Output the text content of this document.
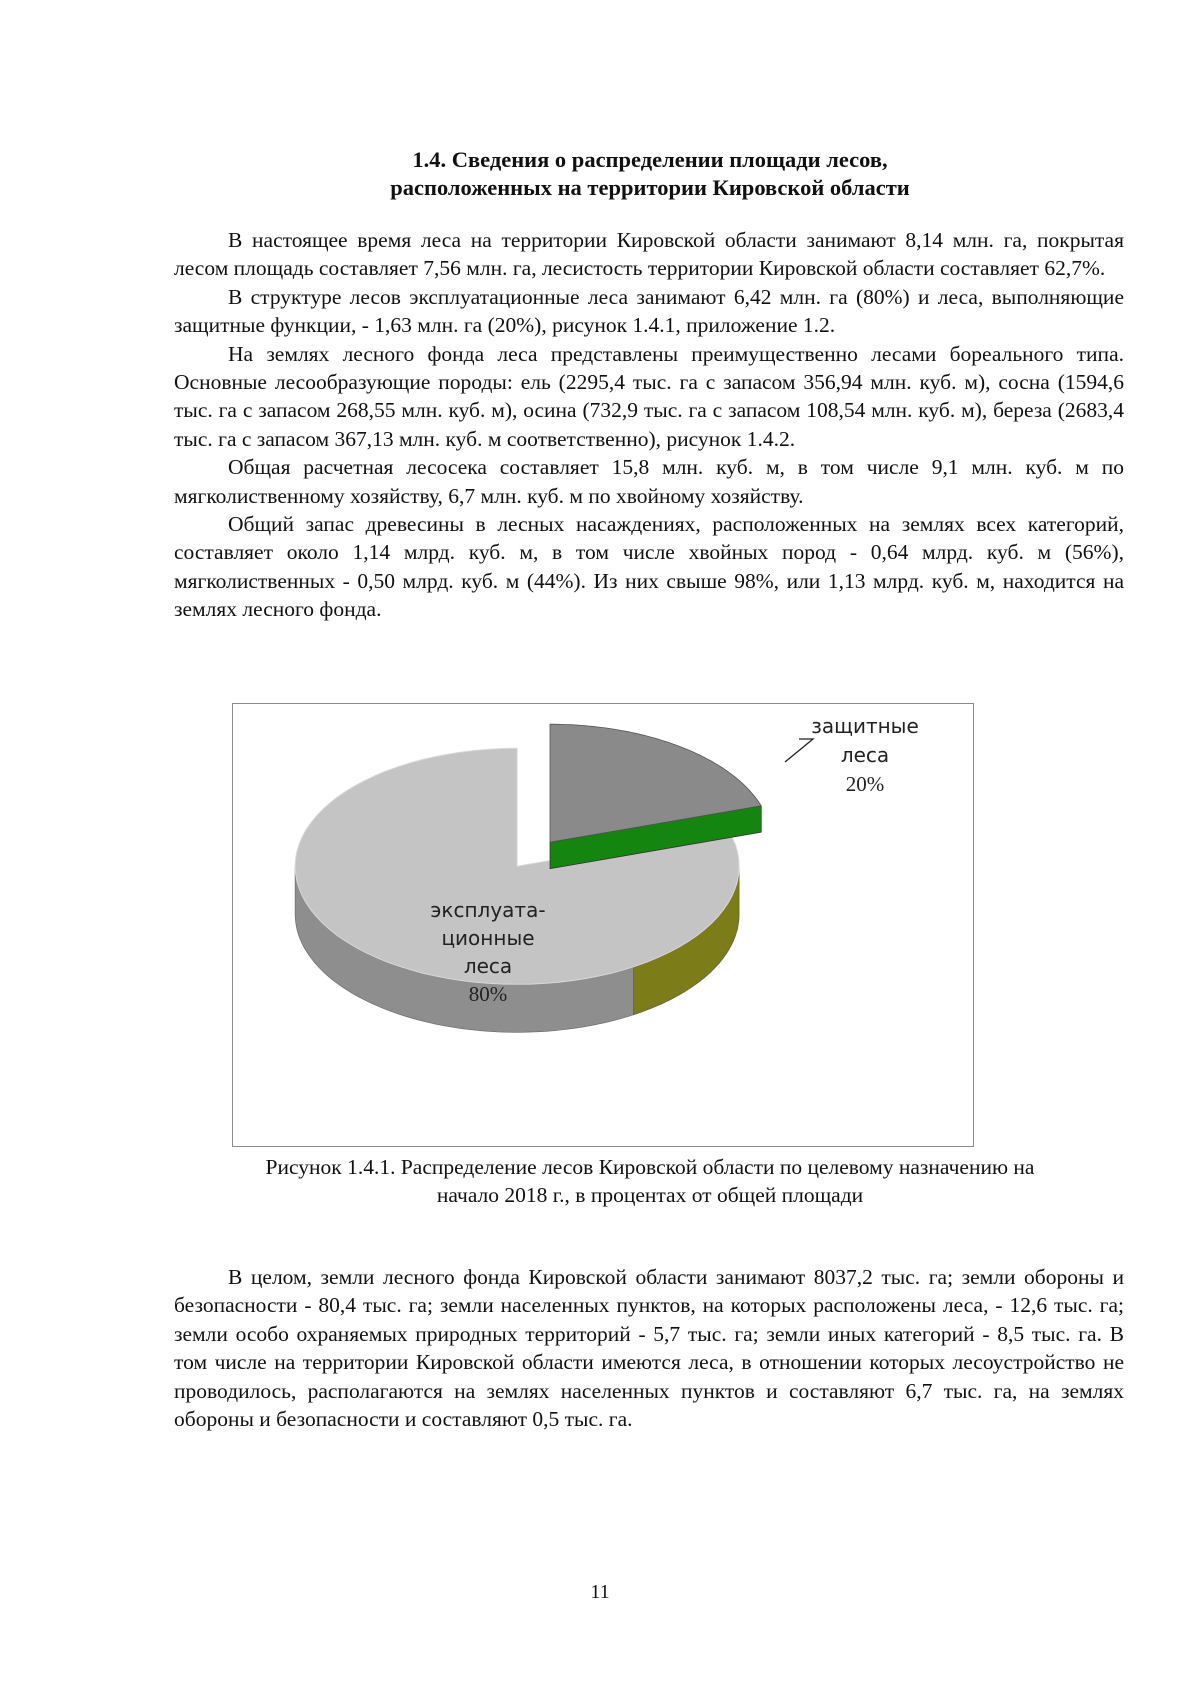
1.4. Сведения о распределении площади лесов,
расположенных на территории Кировской области

В настоящее время леса на территории Кировской области занимают 8,14 млн. га, покрытая лесом площадь составляет 7,56 млн. га, лесистость территории Кировской области составляет 62,7%.

В структуре лесов эксплуатационные леса занимают 6,42 млн. га (80%) и леса, выполняющие защитные функции, - 1,63 млн. га (20%), рисунок 1.4.1, приложение 1.2.

На землях лесного фонда леса представлены преимущественно лесами бореального типа. Основные лесообразующие породы: ель (2295,4 тыс. га с запасом 356,94 млн. куб. м), сосна (1594,6 тыс. га с запасом 268,55 млн. куб. м), осина (732,9 тыс. га с запасом 108,54 млн. куб. м), береза (2683,4 тыс. га с запасом 367,13 млн. куб. м соответственно), рисунок 1.4.2.

Общая расчетная лесосека составляет 15,8 млн. куб. м, в том числе 9,1 млн. куб. м по мягколиственному хозяйству, 6,7 млн. куб. м по хвойному хозяйству.

Общий запас древесины в лесных насаждениях, расположенных на землях всех категорий, составляет около 1,14 млрд. куб. м, в том числе хвойных пород - 0,64 млрд. куб. м (56%), мягколиственных - 0,50 млрд. куб. м (44%). Из них свыше 98%, или 1,13 млрд. куб. м, находится на землях лесного фонда.

эксплуата-
ционные
леса
80%
защитные
леса
20%
Рисунок 1.4.1. Распределение лесов Кировской области по целевому назначению на
начало 2018 г., в процентах от общей площади

В целом, земли лесного фонда Кировской области занимают 8037,2 тыс. га; земли обороны и безопасности - 80,4 тыс. га; земли населенных пунктов, на которых расположены леса, - 12,6 тыс. га; земли особо охраняемых природных территорий - 5,7 тыс. га; земли иных категорий - 8,5 тыс. га. В том числе на территории Кировской области имеются леса, в отношении которых лесоустройство не проводилось, располагаются на землях населенных пунктов и составляют 6,7 тыс. га, на землях обороны и безопасности и составляют 0,5 тыс. га.

11
